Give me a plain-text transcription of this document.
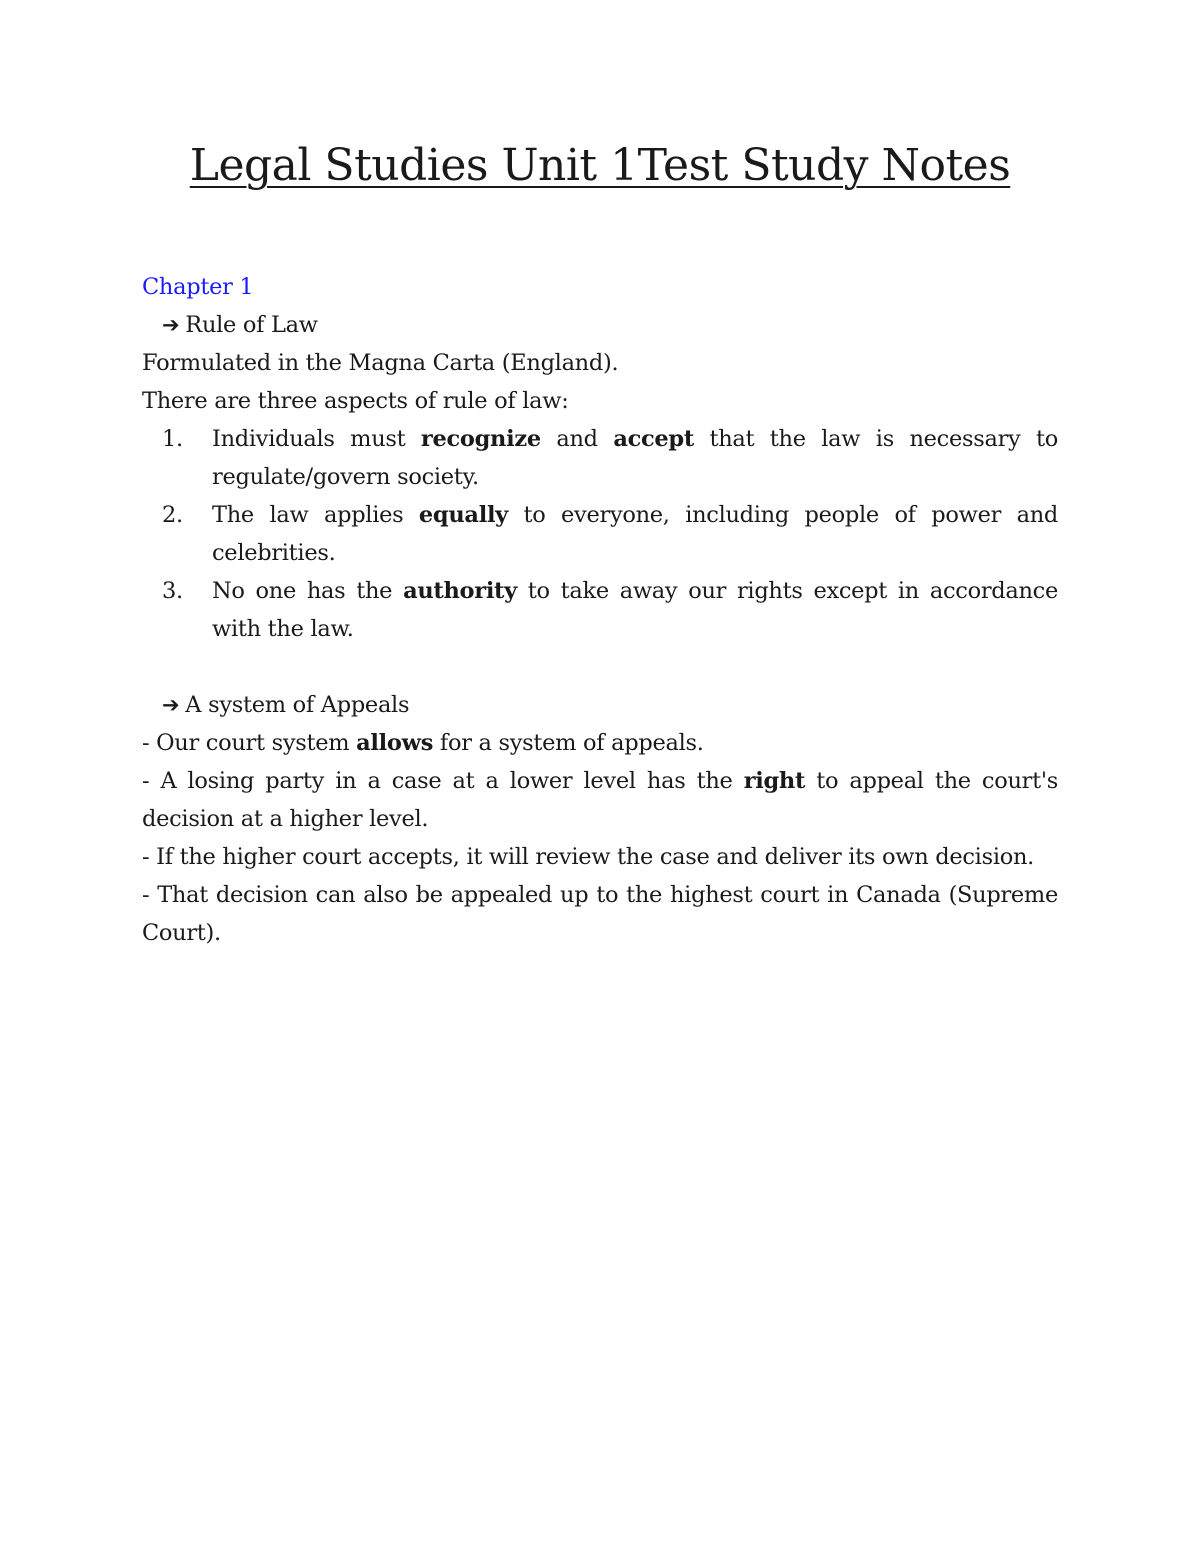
Legal Studies Unit 1Test Study Notes

Chapter 1

➔ Rule of Law

Formulated in the Magna Carta (England).

There are three aspects of rule of law:

1. Individuals must recognize and accept that the law is necessary to regulate/govern society.
2. The law applies equally to everyone, including people of power and celebrities.
3. No one has the authority to take away our rights except in accordance with the law.

➔ A system of Appeals

- Our court system allows for a system of appeals.

- A losing party in a case at a lower level has the right to appeal the court's decision at a higher level.

- If the higher court accepts, it will review the case and deliver its own decision.

- That decision can also be appealed up to the highest court in Canada (Supreme Court).
